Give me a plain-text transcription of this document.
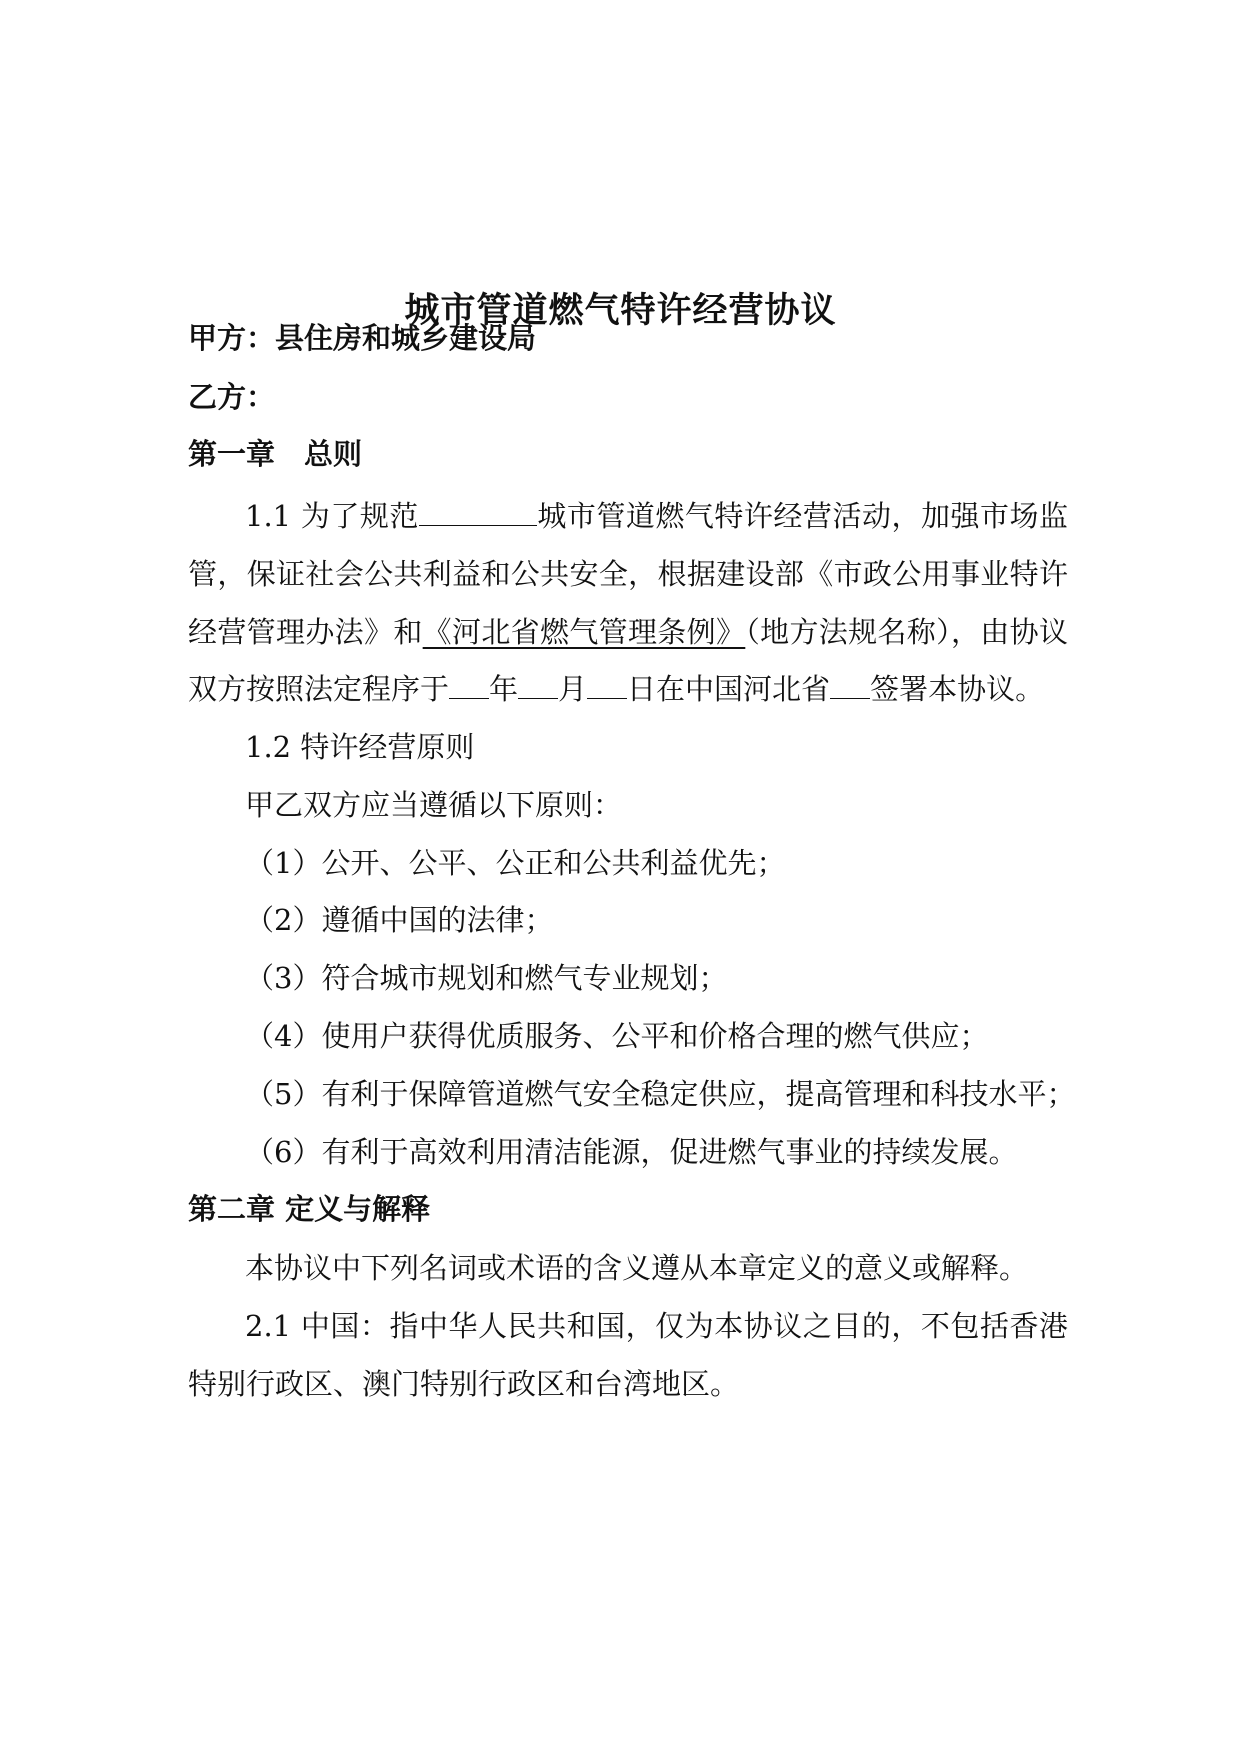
城市管道燃气特许经营协议
甲方：县住房和城乡建设局
乙方：
第一章　总则
1.1 为了规范	城市管道燃气特许经营活动，加强市场监
管，保证社会公共利益和公共安全，根据建设部《市政公用事业特许
经营管理办法》和《河北省燃气管理条例》（地方法规名称），由协议
双方按照法定程序于 年 月 日在中国河北省 签署本协议。
1.2 特许经营原则
甲乙双方应当遵循以下原则：
（1）公开、公平、公正和公共利益优先；
（2）遵循中国的法律；
（3）符合城市规划和燃气专业规划；
（4）使用户获得优质服务、公平和价格合理的燃气供应；
（5）有利于保障管道燃气安全稳定供应，提高管理和科技水平；
（6）有利于高效利用清洁能源，促进燃气事业的持续发展。
第二章 定义与解释
本协议中下列名词或术语的含义遵从本章定义的意义或解释。
2.1 中国：指中华人民共和国，仅为本协议之目的，不包括香港
特别行政区、澳门特别行政区和台湾地区。
